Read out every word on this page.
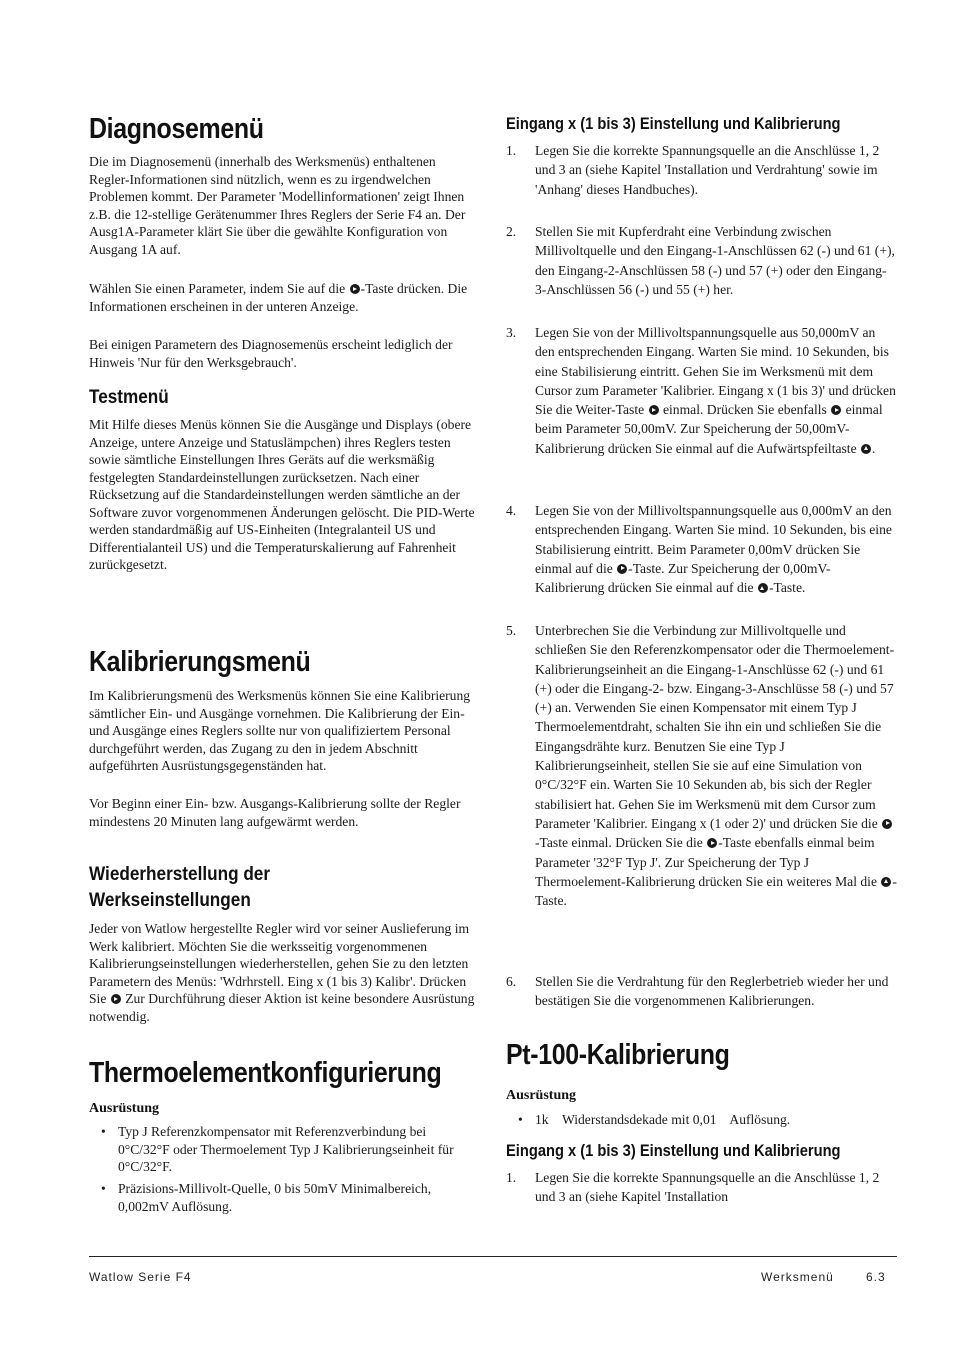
Diagnosemenü

Die im Diagnosemenü (innerhalb des Werksmenüs) enthaltenen Regler-Informationen sind nützlich, wenn es zu irgendwelchen Problemen kommt. Der Parameter 'Modellinformationen' zeigt Ihnen z.B. die 12-stellige Gerätenummer Ihres Reglers der Serie F4 an. Der Ausg1A-Parameter klärt Sie über die gewählte Konfiguration von Ausgang 1A auf.

Wählen Sie einen Parameter, indem Sie auf die -Taste drücken. Die Informationen erscheinen in der unteren Anzeige.

Bei einigen Parametern des Diagnosemenüs erscheint lediglich der Hinweis 'Nur für den Werksgebrauch'.

Testmenü

Mit Hilfe dieses Menüs können Sie die Ausgänge und Displays (obere Anzeige, untere Anzeige und Statuslämpchen) ihres Reglers testen sowie sämtliche Einstellungen Ihres Geräts auf die werksmäßig festgelegten Standardeinstellungen zurücksetzen. Nach einer Rücksetzung auf die Standardeinstellungen werden sämtliche an der Software zuvor vorgenommenen Änderungen gelöscht. Die PID-Werte werden standardmäßig auf US-Einheiten (Integralanteil US und Differentialanteil US) und die Temperaturskalierung auf Fahrenheit zurückgesetzt.

Kalibrierungsmenü

Im Kalibrierungsmenü des Werksmenüs können Sie eine Kalibrierung sämtlicher Ein- und Ausgänge vornehmen. Die Kalibrierung der Ein- und Ausgänge eines Reglers sollte nur von qualifiziertem Personal durchgeführt werden, das Zugang zu den in jedem Abschnitt aufgeführten Ausrüstungsgegenständen hat.

Vor Beginn einer Ein- bzw. Ausgangs-Kalibrierung sollte der Regler mindestens 20 Minuten lang aufgewärmt werden.

Wiederherstellung der
Werkseinstellungen

Jeder von Watlow hergestellte Regler wird vor seiner Auslieferung im Werk kalibriert. Möchten Sie die werksseitig vorgenommenen Kalibrierungseinstellungen wiederherstellen, gehen Sie zu den letzten Parametern des Menüs: 'Wdrhrstell. Eing x (1 bis 3) Kalibr'. Drücken Sie Zur Durchführung dieser Aktion ist keine besondere Ausrüstung notwendig.

Thermoelementkonfigurierung
Ausrüstung
• Typ J Referenzkompensator mit Referenzverbindung bei 0°C/32°F oder Thermoelement Typ J Kalibrierungseinheit für 0°C/32°F.
• Präzisions-Millivolt-Quelle, 0 bis 50mV Minimalbereich, 0,002mV Auflösung.
Eingang x (1 bis 3) Einstellung und Kalibrierung
1. Legen Sie die korrekte Spannungsquelle an die Anschlüsse 1, 2 und 3 an (siehe Kapitel 'Installation und Verdrahtung' sowie im 'Anhang' dieses Handbuches).
2. Stellen Sie mit Kupferdraht eine Verbindung zwischen Millivoltquelle und den Eingang-1-Anschlüssen 62 (-) und 61 (+), den Eingang-2-Anschlüssen 58 (-) und 57 (+) oder den Eingang-3-Anschlüssen 56 (-) und 55 (+) her.
3. Legen Sie von der Millivoltspannungsquelle aus 50,000mV an den entsprechenden Eingang. Warten Sie mind. 10 Sekunden, bis eine Stabilisierung eintritt. Gehen Sie im Werksmenü mit dem Cursor zum Parameter 'Kalibrier. Eingang x (1 bis 3)' und drücken Sie die Weiter-Taste einmal. Drücken Sie ebenfalls einmal beim Parameter 50,00mV. Zur Speicherung der 50,00mV-Kalibrierung drücken Sie einmal auf die Aufwärtspfeiltaste .
4. Legen Sie von der Millivoltspannungsquelle aus 0,000mV an den entsprechenden Eingang. Warten Sie mind. 10 Sekunden, bis eine Stabilisierung eintritt. Beim Parameter 0,00mV drücken Sie einmal auf die -Taste. Zur Speicherung der 0,00mV-Kalibrierung drücken Sie einmal auf die -Taste.
5. Unterbrechen Sie die Verbindung zur Millivoltquelle und schließen Sie den Referenzkompensator oder die Thermoelement-Kalibrierungseinheit an die Eingang-1-Anschlüsse 62 (-) und 61 (+) oder die Eingang-2- bzw. Eingang-3-Anschlüsse 58 (-) und 57 (+) an. Verwenden Sie einen Kompensator mit einem Typ J Thermoelementdraht, schalten Sie ihn ein und schließen Sie die Eingangsdrähte kurz. Benutzen Sie eine Typ J Kalibrierungseinheit, stellen Sie sie auf eine Simulation von 0°C/32°F ein. Warten Sie 10 Sekunden ab, bis sich der Regler stabilisiert hat. Gehen Sie im Werksmenü mit dem Cursor zum Parameter 'Kalibrier. Eingang x (1 oder 2)' und drücken Sie die -Taste einmal. Drücken Sie die -Taste ebenfalls einmal beim Parameter '32°F Typ J'. Zur Speicherung der Typ J Thermoelement-Kalibrierung drücken Sie ein weiteres Mal die -Taste.
6. Stellen Sie die Verdrahtung für den Reglerbetrieb wieder her und bestätigen Sie die vorgenommenen Kalibrierungen.
Pt-100-Kalibrierung
Ausrüstung
• 1k    Widerstandsdekade mit 0,01    Auflösung.
Eingang x (1 bis 3) Einstellung und Kalibrierung
1. Legen Sie die korrekte Spannungsquelle an die Anschlüsse 1, 2 und 3 an (siehe Kapitel 'Installation
Watlow Serie F4	Werksmenü	6.3
